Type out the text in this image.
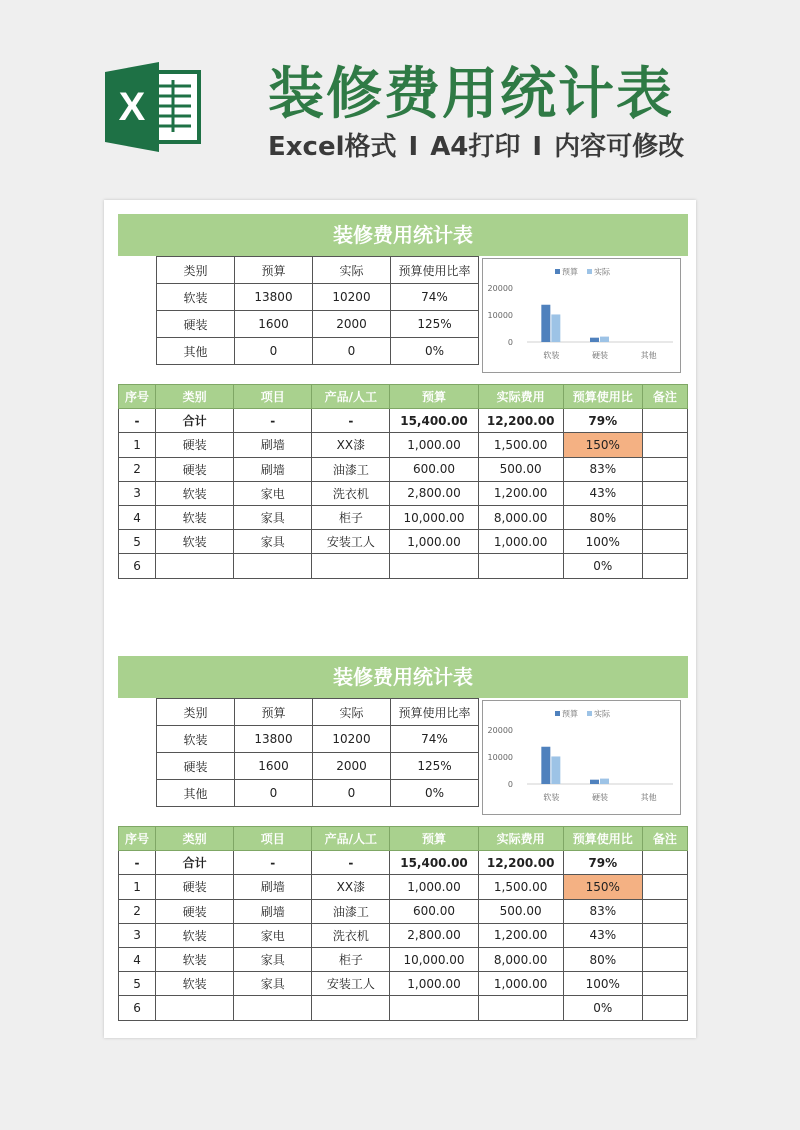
X 装修费用统计表
Excel格式 I A4打印 I 内容可修改
装修费用统计表
类别	预算	实际	预算使用比率
软装	13800	10200	74%
硬装	1600	2000	125%
其他	0	0	0%
预算 实际
20000
10000
0
软装	硬装	其他
序号	类别	项目	产品/人工	预算	实际费用	预算使用比	备注
-	合计	-	-	15,400.00	12,200.00	79%	
1	硬装	刷墙	XX漆	1,000.00	1,500.00	150%	
2	硬装	刷墙	油漆工	600.00	500.00	83%	
3	软装	家电	洗衣机	2,800.00	1,200.00	43%	
4	软装	家具	柜子	10,000.00	8,000.00	80%	
5	软装	家具	安装工人	1,000.00	1,000.00	100%	
6						0%	
装修费用统计表
类别	预算	实际	预算使用比率
软装	13800	10200	74%
硬装	1600	2000	125%
其他	0	0	0%
预算 实际
20000
10000
0
软装	硬装	其他
序号	类别	项目	产品/人工	预算	实际费用	预算使用比	备注
-	合计	-	-	15,400.00	12,200.00	79%	
1	硬装	刷墙	XX漆	1,000.00	1,500.00	150%	
2	硬装	刷墙	油漆工	600.00	500.00	83%	
3	软装	家电	洗衣机	2,800.00	1,200.00	43%	
4	软装	家具	柜子	10,000.00	8,000.00	80%	
5	软装	家具	安装工人	1,000.00	1,000.00	100%	
6						0%	
